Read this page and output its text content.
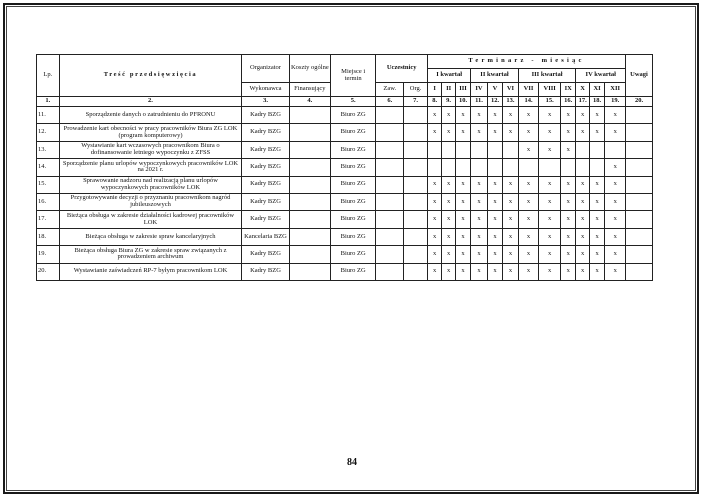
Lp.	Treść przedsięwzięcia	Organizator	Koszty ogólne	Miejsce i termin	Uczestnicy		Terminarz - miesiąc												Uwagi
							I kwartał			II kwartał			III kwartał			IV kwartał			
		Wykonawca	Finansujący		Zaw.	Org.	I	II	III	IV	V	VI	VII	VIII	IX	X	XI	XII	
1.	2.	3.	4.	5.	6.	7.	8.	9.	10.	11.	12.	13.	14.	15.	16.	17.	18.	19.	20.
11.	Sporządzenie danych o zatrudnieniu do PFRONU	Kadry BZG		Biuro ZG			x	x	x	x	x	x	x	x	x	x	x	x	
12.	Prowadzenie kart obecności w pracy pracowników Biura ZG LOK (program komputerowy)	Kadry BZG		Biuro ZG			x	x	x	x	x	x	x	x	x	x	x	x	
13.	Wystawianie kart wczasowych pracownikom Biura o dofinansowanie letniego wypoczynku z ZFSS	Kadry BZG		Biuro ZG									x	x	x				
14.	Sporządzenie planu urlopów wypoczynkowych pracowników LOK na 2021 r.	Kadry BZG		Biuro ZG														x	
15.	Sprawowanie nadzoru nad realizacją planu urlopów wypoczynkowych pracowników LOK	Kadry BZG		Biuro ZG			x	x	x	x	x	x	x	x	x	x	x	x	
16.	Przygotowywanie decyzji o przyznaniu pracownikom nagród jubileuszowych	Kadry BZG		Biuro ZG			x	x	x	x	x	x	x	x	x	x	x	x	
17.	Bieżąca obsługa w zakresie działalności kadrowej pracowników LOK	Kadry BZG		Biuro ZG			x	x	x	x	x	x	x	x	x	x	x	x	
18.	Bieżąca obsługa w zakresie spraw kancelaryjnych	Kancelaria BZG		Biuro ZG			x	x	x	x	x	x	x	x	x	x	x	x	
19.	Bieżąca obsługa Biura ZG w zakresie spraw związanych z prowadzeniem archiwum	Kadry BZG		Biuro ZG			x	x	x	x	x	x	x	x	x	x	x	x	
20.	Wystawianie zaświadczeń RP-7 byłym pracownikom LOK	Kadry BZG		Biuro ZG			x	x	x	x	x	x	x	x	x	x	x	x	
84
